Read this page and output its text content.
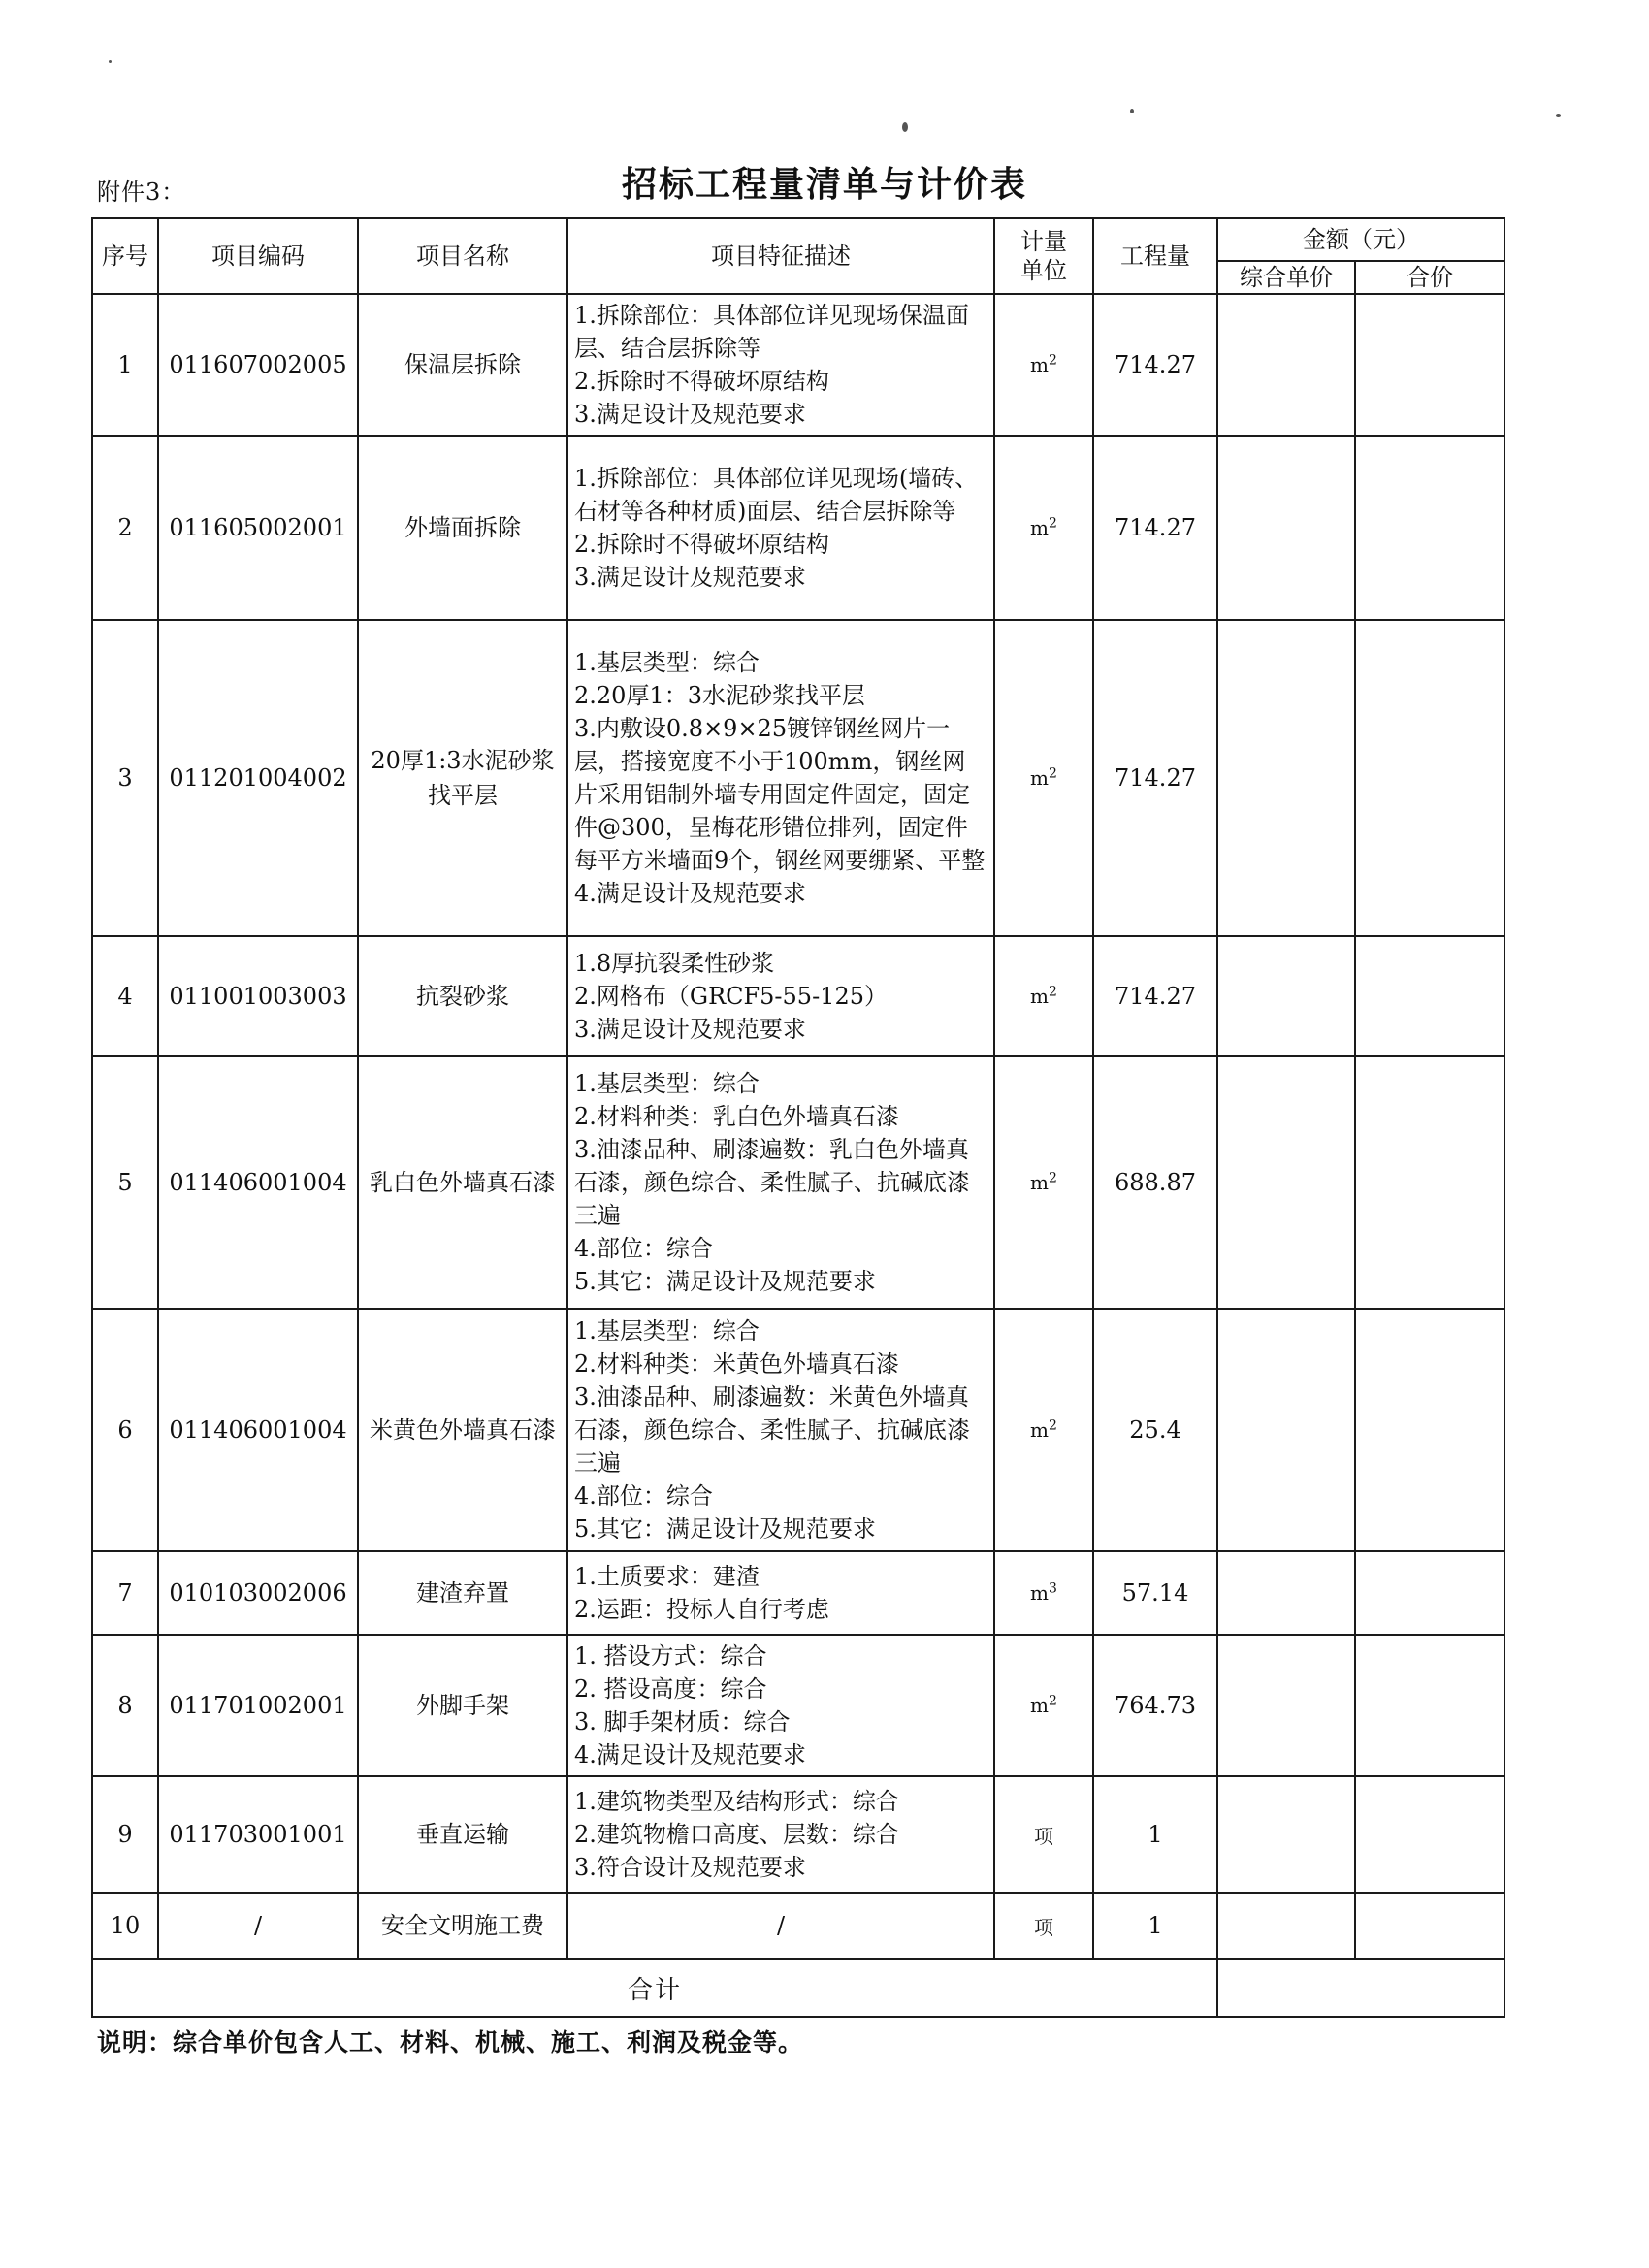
附件3：	招标工程量清单与计价表
序号	项目编码	项目名称	项目特征描述	计量单位	工程量	金额（元）	
						综合单价	合价
1	011607002005	保温层拆除	1.拆除部位：具体部位详见现场保温面层、结合层拆除等
2.拆除时不得破坏原结构
3.满足设计及规范要求	$m^2$	714.27		
2	011605002001	外墙面拆除	1.拆除部位：具体部位详见现场(墙砖、石材等各种材质)面层、结合层拆除等
2.拆除时不得破坏原结构
3.满足设计及规范要求	$m^2$	714.27		
3	011201004002	20厚1:3水泥砂浆找平层	1.基层类型：综合
2.20厚1：3水泥砂浆找平层
3.内敷设0.8×9×25镀锌钢丝网片一层，搭接宽度不小于100mm，钢丝网片采用铝制外墙专用固定件固定，固定件@300，呈梅花形错位排列，固定件每平方米墙面9个，钢丝网要绷紧、平整
4.满足设计及规范要求	$m^2$	714.27		
4	011001003003	抗裂砂浆	1.8厚抗裂柔性砂浆
2.网格布（GRCF5-55-125）
3.满足设计及规范要求	$m^2$	714.27		
5	011406001004	乳白色外墙真石漆	1.基层类型：综合
2.材料种类：乳白色外墙真石漆
3.油漆品种、刷漆遍数：乳白色外墙真石漆，颜色综合、柔性腻子、抗碱底漆三遍
4.部位：综合
5.其它：满足设计及规范要求	$m^2$	688.87		
6	011406001004	米黄色外墙真石漆	1.基层类型：综合
2.材料种类：米黄色外墙真石漆
3.油漆品种、刷漆遍数：米黄色外墙真石漆，颜色综合、柔性腻子、抗碱底漆三遍
4.部位：综合
5.其它：满足设计及规范要求	$m^2$	25.4		
7	010103002006	建渣弃置	1.土质要求：建渣
2.运距：投标人自行考虑	$m^3$	57.14		
8	011701002001	外脚手架	1. 搭设方式：综合
2. 搭设高度：综合
3. 脚手架材质：综合
4.满足设计及规范要求	$m^2$	764.73		
9	011703001001	垂直运输	1.建筑物类型及结构形式：综合
2.建筑物檐口高度、层数：综合
3.符合设计及规范要求	项	1		
10	/	安全文明施工费	/	项	1		
合计							
说明：综合单价包含人工、材料、机械、施工、利润及税金等。
